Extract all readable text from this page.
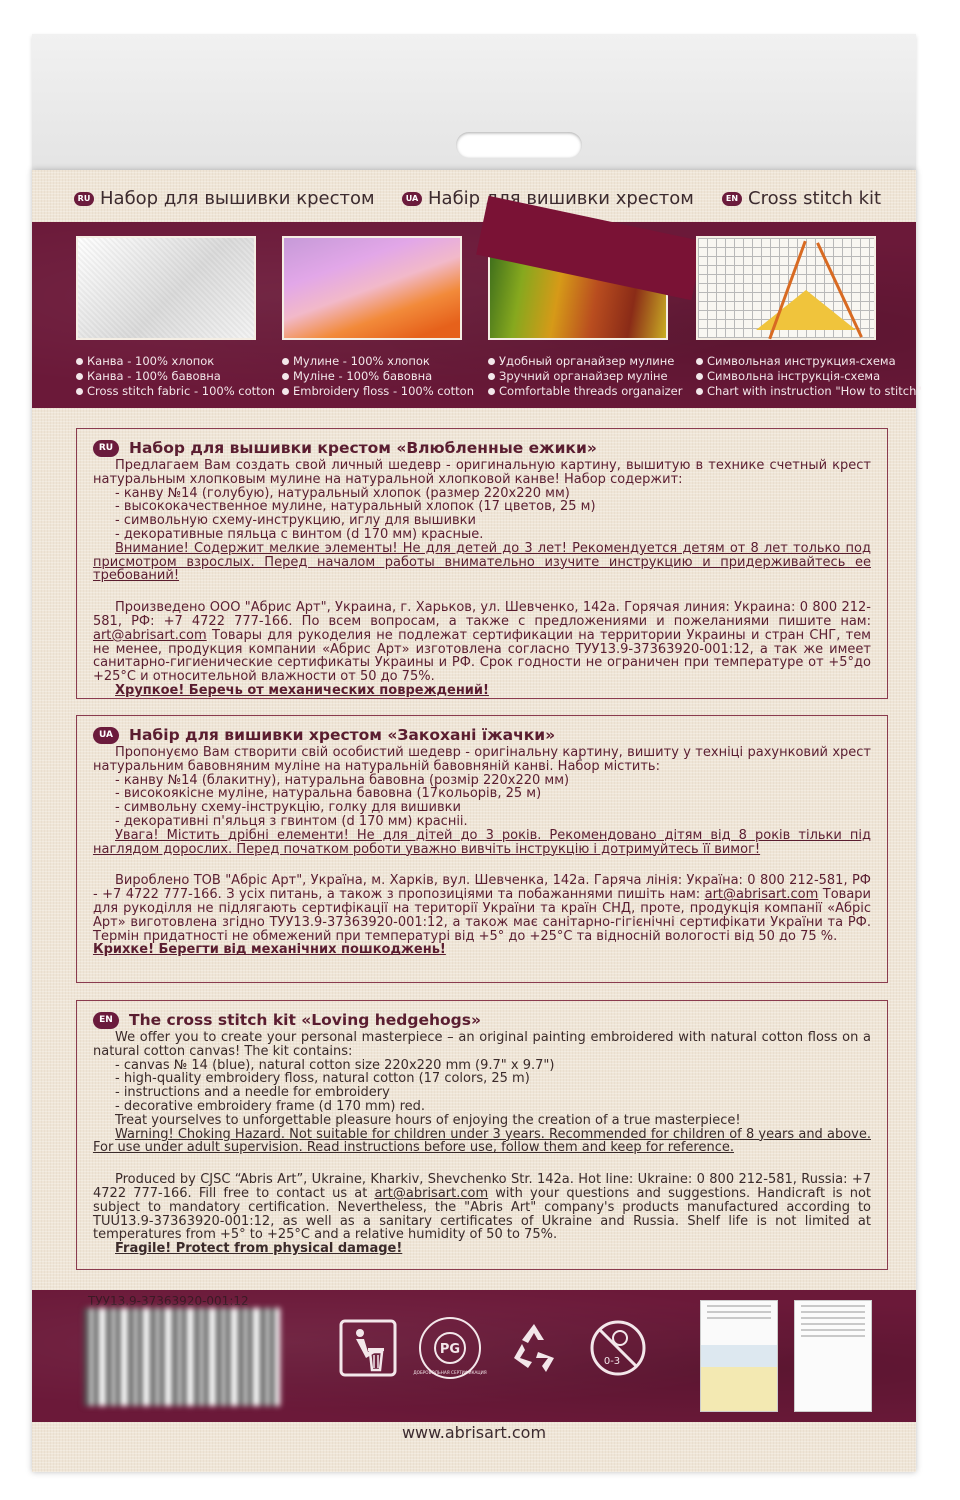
RU Набор для вышивки крестом	UA Набір для вишивки хрестом	EN Cross stitch kit
Канва - 100% хлопок
Канва - 100% бавовна
Cross stitch fabric - 100% cotton
Мулине - 100% хлопок
Муліне - 100% бавовна
Embroidery floss - 100% cotton
Удобный органайзер мулине
Зручний органайзер муліне
Comfortable threads organaizer
Символьная инструкция-схема
Символьна інструкція-схема
Chart with instruction "How to stitch"
RU	Набор для вышивки крестом «Влюбленные ежики»

Предлагаем Вам создать свой личный шедевр - оригинальную картину, вышитую в технике счетный крест натуральным хлопковым мулине на натуральной хлопковой канве! Набор содержит:

- канву №14 (голубую), натуральный хлопок (размер 220х220 мм)

- высококачественное мулине, натуральный хлопок (17 цветов, 25 м)

- символьную схему-инструкцию, иглу для вышивки

- декоративные пяльца с винтом (d 170 мм) красные.

Внимание! Содержит мелкие элементы! Не для детей до 3 лет! Рекомендуется детям от 8 лет только под присмотром взрослых. Перед началом работы внимательно изучите инструкцию и придерживайтесь ее требований!

Произведено ООО "Абрис Арт", Украина, г. Харьков, ул. Шевченко, 142а. Горячая линия: Украина: 0 800 212-581, РФ: +7 4722 777-166. По всем вопросам, а также с предложениями и пожеланиями пишите нам: art@abrisart.com Товары для рукоделия не подлежат сертификации на территории Украины и стран СНГ, тем не менее, продукция компании «Абрис Арт» изготовлена согласно ТУУ13.9-37363920-001:12, а так же имеет санитарно-гигиенические сертификаты Украины и РФ. Срок годности не ограничен при температуре от +5°до +25°С и относительной влажности от 50 до 75%.

Хрупкое! Беречь от механических повреждений!

UA	Набір для вишивки хрестом «Закохані їжачки»

Пропонуємо Вам створити свій особистий шедевр - оригінальну картину, вишиту у техніці рахунковий хрест натуральним бавовняним муліне на натуральній бавовняній канві. Набор містить:

- канву №14 (блакитну), натуральна бавовна (розмір 220х220 мм)

- високоякісне муліне, натуральна бавовна (17кольорів, 25 м)

- символьну схему-інструкцію, голку для вишивки

- декоративні п'яльця з гвинтом (d 170 мм) красніі.

Увага! Містить дрібні елементи! Не для дітей до 3 років. Рекомендовано дітям від 8 років тільки під наглядом дорослих. Перед початком роботи уважно вивчіть інструкцію і дотримуйтесь її вимог!

Вироблено ТОВ "Абріс Арт", Україна, м. Харків, вул. Шевченка, 142а. Гаряча лінія: Україна: 0 800 212-581, РФ - +7 4722 777-166. З усіх питань, а також з пропозиціями та побажаннями пишіть нам: art@abrisart.com Товари для рукоділля не підлягають сертифікації на території України та країн СНД, проте, продукція компанії «Абріс Арт» виготовлена згідно ТУУ13.9-37363920-001:12, а також має санітарно-гігієнічні сертифікати України та РФ. Термін придатності не обмежений при температурі від +5° до +25°С та відносній вологості від 50 до 75 %.

Крихке! Берегти від механічних пошкоджень!

EN	The cross stitch kit «Loving hedgehogs»

We offer you to create your personal masterpiece – an original painting embroidered with natural cotton floss on a natural cotton canvas! The kit contains:

- canvas № 14 (blue), natural cotton size 220x220 mm (9.7" x 9.7")

- high-quality embroidery floss, natural cotton (17 colors, 25 m)

- instructions and a needle for embroidery

- decorative embroidery frame (d 170 mm) red.

Treat yourselves to unforgettable pleasure hours of enjoying the creation of a true masterpiece!

Warning! Choking Hazard. Not suitable for children under 3 years. Recommended for children of 8 years and above. For use under adult supervision. Read instructions before use, follow them and keep for reference.

Produced by CJSC “Abris Art”, Ukraine, Kharkiv, Shevchenko Str. 142a. Hot line: Ukraine: 0 800 212-581, Russia: +7 4722 777-166. Fill free to contact us at art@abrisart.com with your questions and suggestions. Handicraft is not subject to mandatory certification. Nevertheless, the "Abris Art" company's products manufactured according to TUU13.9-37363920-001:12, as well as a sanitary certificates of Ukraine and Russia. Shelf life is not limited at temperatures from +5° to +25°C and a relative humidity of 50 to 75%.

Fragile! Protect from physical damage!

ТУУ13.9-37363920-001:12
PG
ДОБРОВОЛЬНАЯ СЕРТИФИКАЦИЯ
0-3
www.abrisart.com
